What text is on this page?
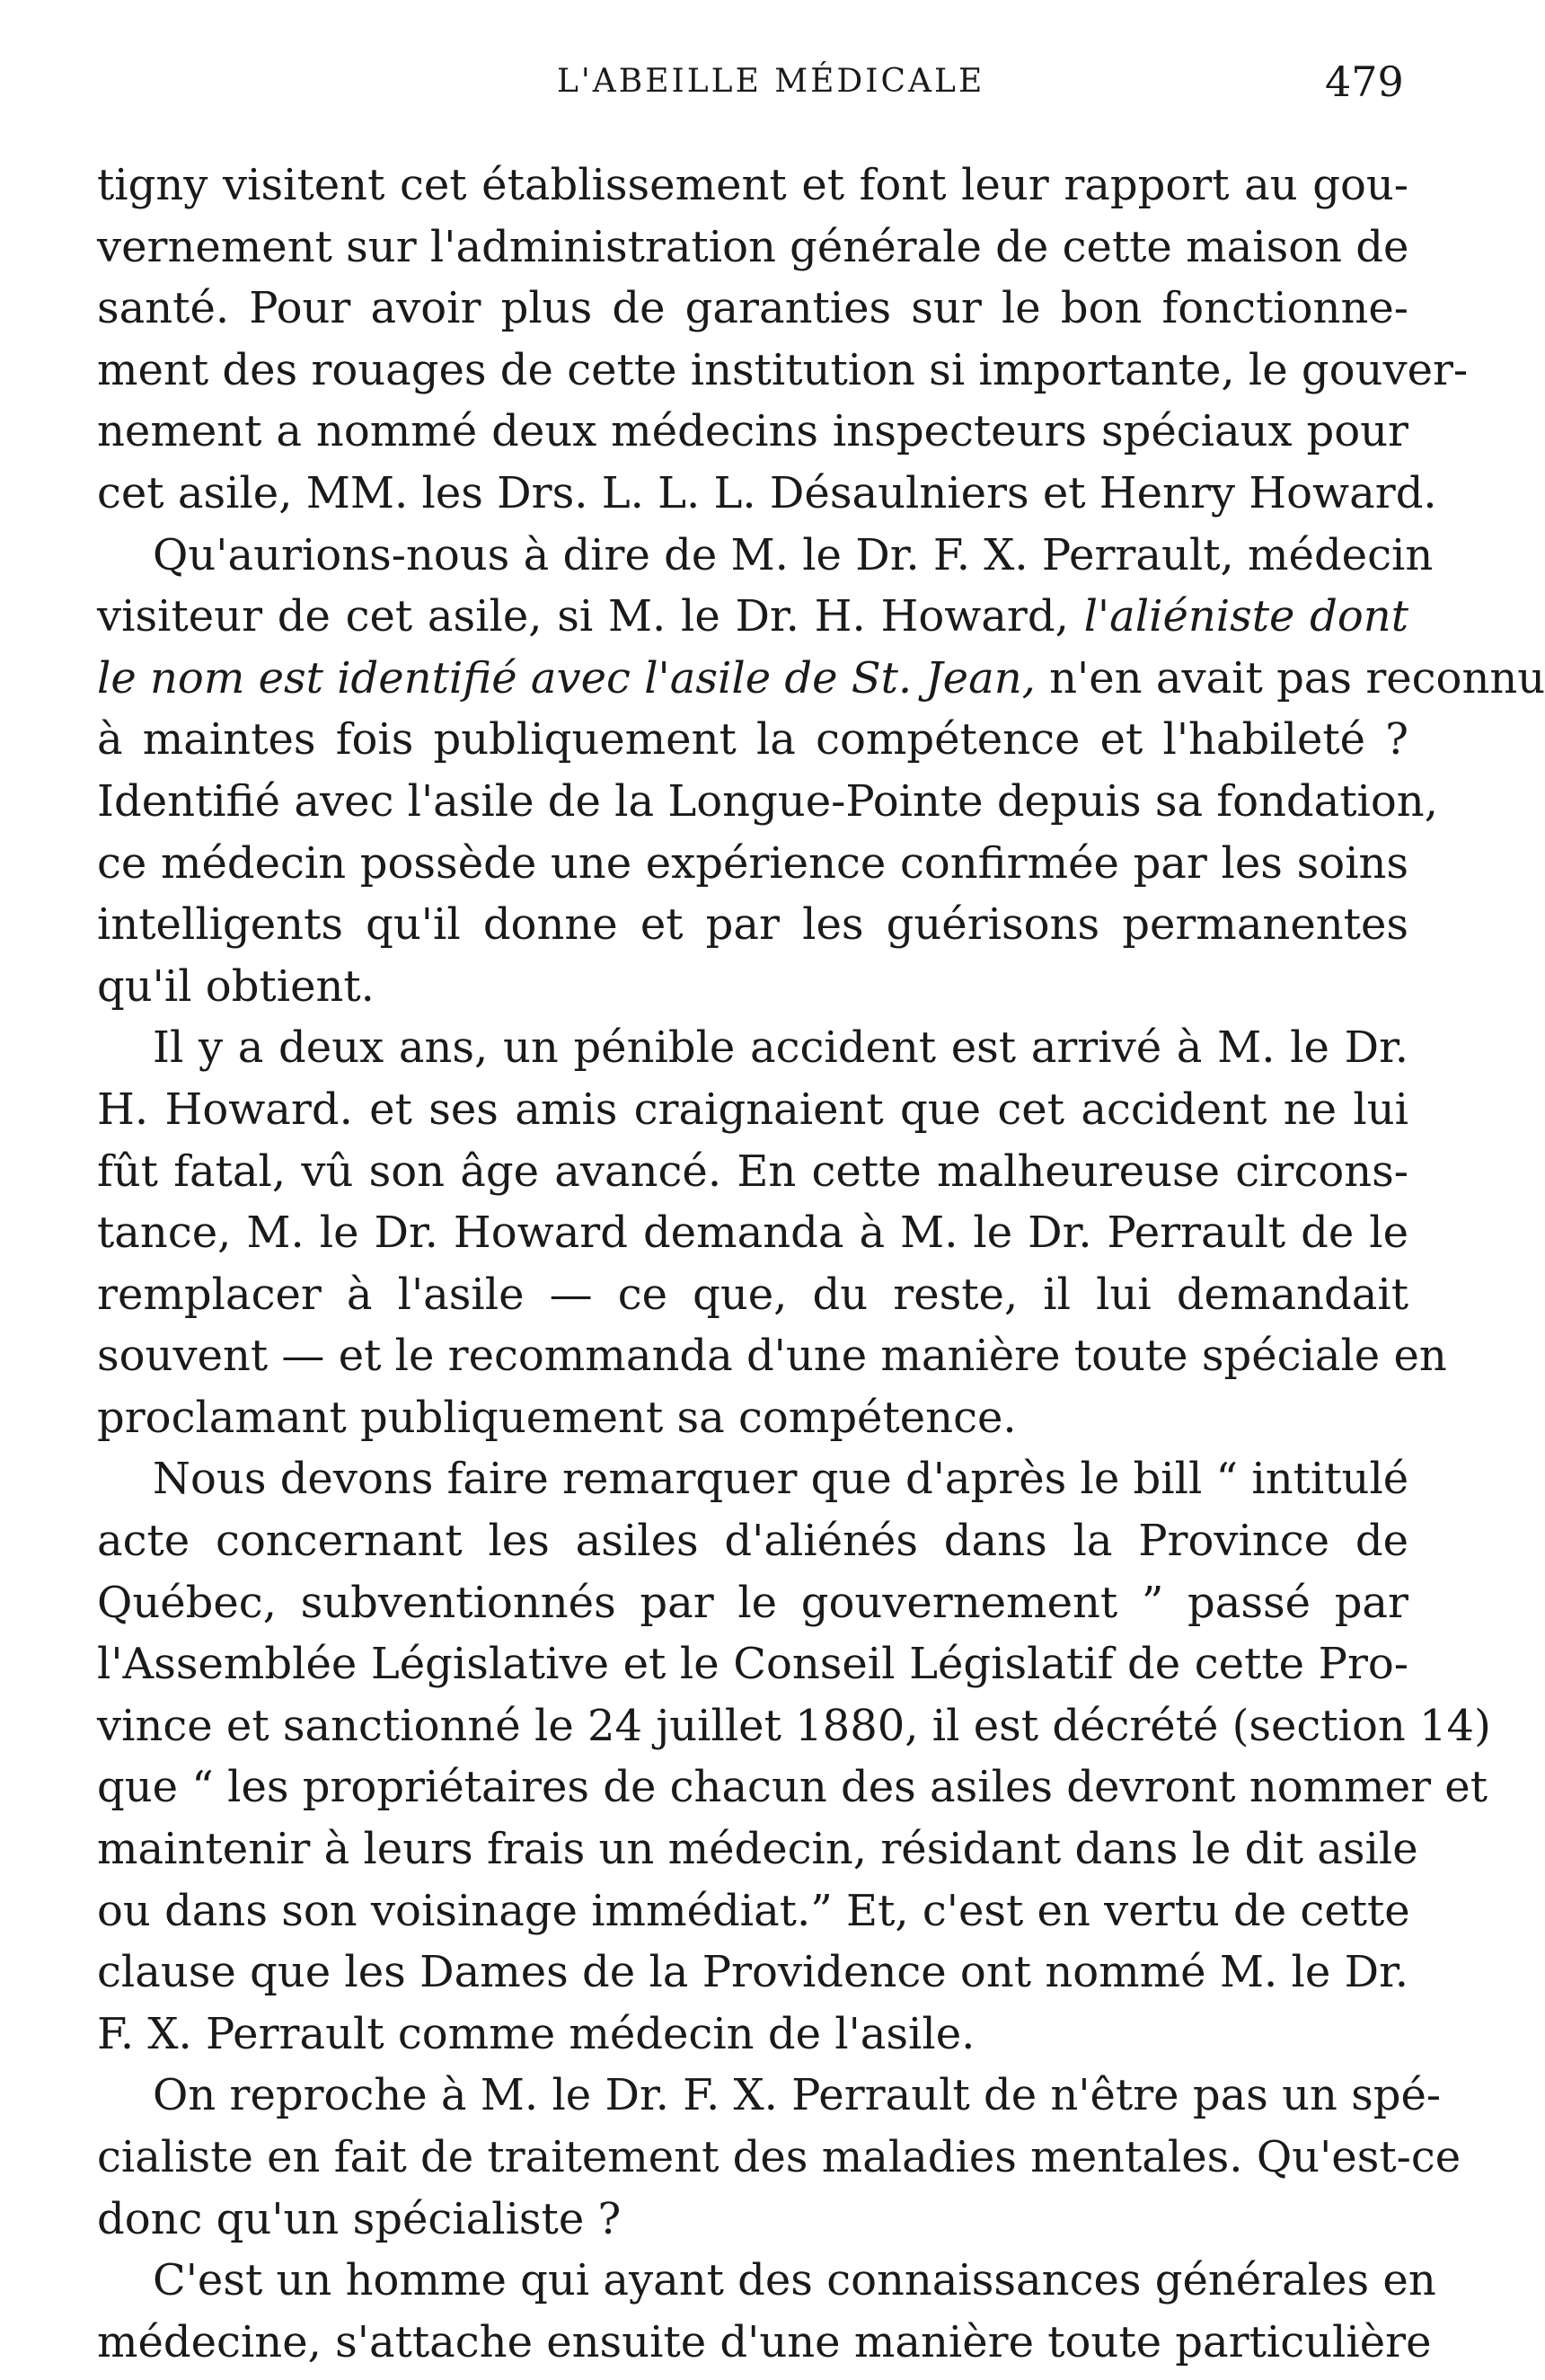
L'ABEILLE MÉDICALE	479
tigny visitent cet établissement et font leur rapport au gou-
vernement sur l'administration générale de cette maison de
santé. Pour avoir plus de garanties sur le bon fonctionne-
ment des rouages de cette institution si importante, le gouver-
nement a nommé deux médecins inspecteurs spéciaux pour
cet asile, MM. les Drs. L. L. L. Désaulniers et Henry Howard.
Qu'aurions-nous à dire de M. le Dr. F. X. Perrault, médecin
visiteur de cet asile, si M. le Dr. H. Howard, l'aliéniste dont
le nom est identifié avec l'asile de St. Jean, n'en avait pas reconnu
à maintes fois publiquement la compétence et l'habileté ?
Identifié avec l'asile de la Longue-Pointe depuis sa fondation,
ce médecin possède une expérience confirmée par les soins
intelligents qu'il donne et par les guérisons permanentes
qu'il obtient.
Il y a deux ans, un pénible accident est arrivé à M. le Dr.
H. Howard. et ses amis craignaient que cet accident ne lui
fût fatal, vû son âge avancé. En cette malheureuse circons-
tance, M. le Dr. Howard demanda à M. le Dr. Perrault de le
remplacer à l'asile — ce que, du reste, il lui demandait
souvent — et le recommanda d'une manière toute spéciale en
proclamant publiquement sa compétence.
Nous devons faire remarquer que d'après le bill “ intitulé
acte concernant les asiles d'aliénés dans la Province de
Québec, subventionnés par le gouvernement ” passé par
l'Assemblée Législative et le Conseil Législatif de cette Pro-
vince et sanctionné le 24 juillet 1880, il est décrété (section 14)
que “ les propriétaires de chacun des asiles devront nommer et
maintenir à leurs frais un médecin, résidant dans le dit asile
ou dans son voisinage immédiat.” Et, c'est en vertu de cette
clause que les Dames de la Providence ont nommé M. le Dr.
F. X. Perrault comme médecin de l'asile.
On reproche à M. le Dr. F. X. Perrault de n'être pas un spé-
cialiste en fait de traitement des maladies mentales. Qu'est-ce
donc qu'un spécialiste ?
C'est un homme qui ayant des connaissances générales en
médecine, s'attache ensuite d'une manière toute particulière
